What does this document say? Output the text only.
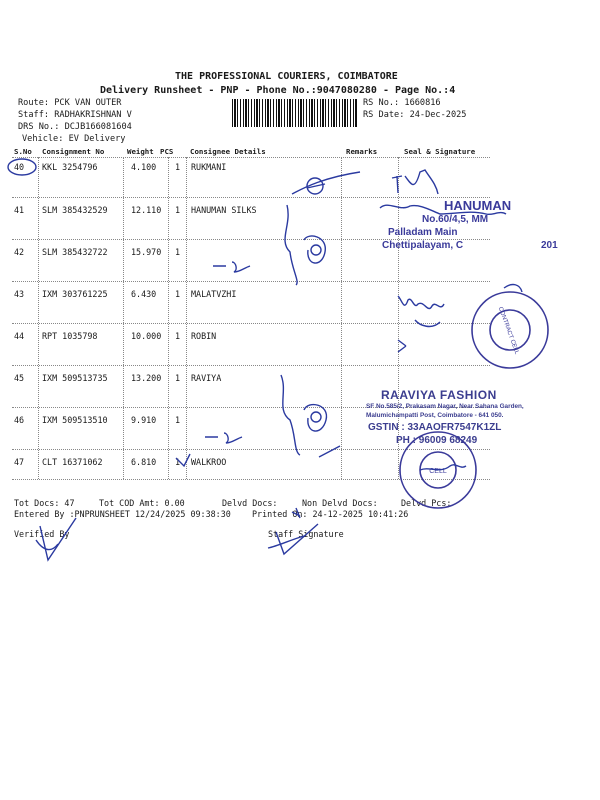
THE PROFESSIONAL COURIERS, COIMBATORE
Delivery Runsheet - PNP - Phone No.:9047080280 - Page No.:4
Route: PCK VAN OUTER
Staff: RADHAKRISHNAN V
DRS No.: DCJB166081604
Vehicle: EV Delivery
RS No.: 1660816
RS Date: 24-Dec-2025
S.No Consignment No	Weight PCS Consignee Details	Remarks	Seal & Signature
40 KKL 3254796	4.100 1 RUKMANI
41 SLM 385432529	12.110 1 HANUMAN SILKS
42 SLM 385432722	15.970 1
43 IXM 303761225	6.430 1 MALATVZHI
44 RPT 1035798	10.000 1 ROBIN
45 IXM 509513735	13.200 1 RAVIYA
46 IXM 509513510	9.910 1
47 CLT 16371062	6.810 1 WALKROO
Tot Docs: 47	Tot COD Amt: 0.00	Delvd Docs:	Non Delvd Docs:	Delvd Pcs:
Entered By :PNPRUNSHEET 12/24/2025 09:38:30	Printed On: 24-12-2025 10:41:26
Verified By	Staff Signature
HANUMAN
No.60/4,5, MM
Palladam Main
Chettipalayam, C	201
RAAVIYA FASHION
SF No.585/2, Prakasam Nagar, Near Sahana Garden,
Malumichampatti Post, Coimbatore - 641 050.
GSTIN : 33AAOFR7547K1ZL
PH : 96009 68249
CONTRACT CELL
CELL
